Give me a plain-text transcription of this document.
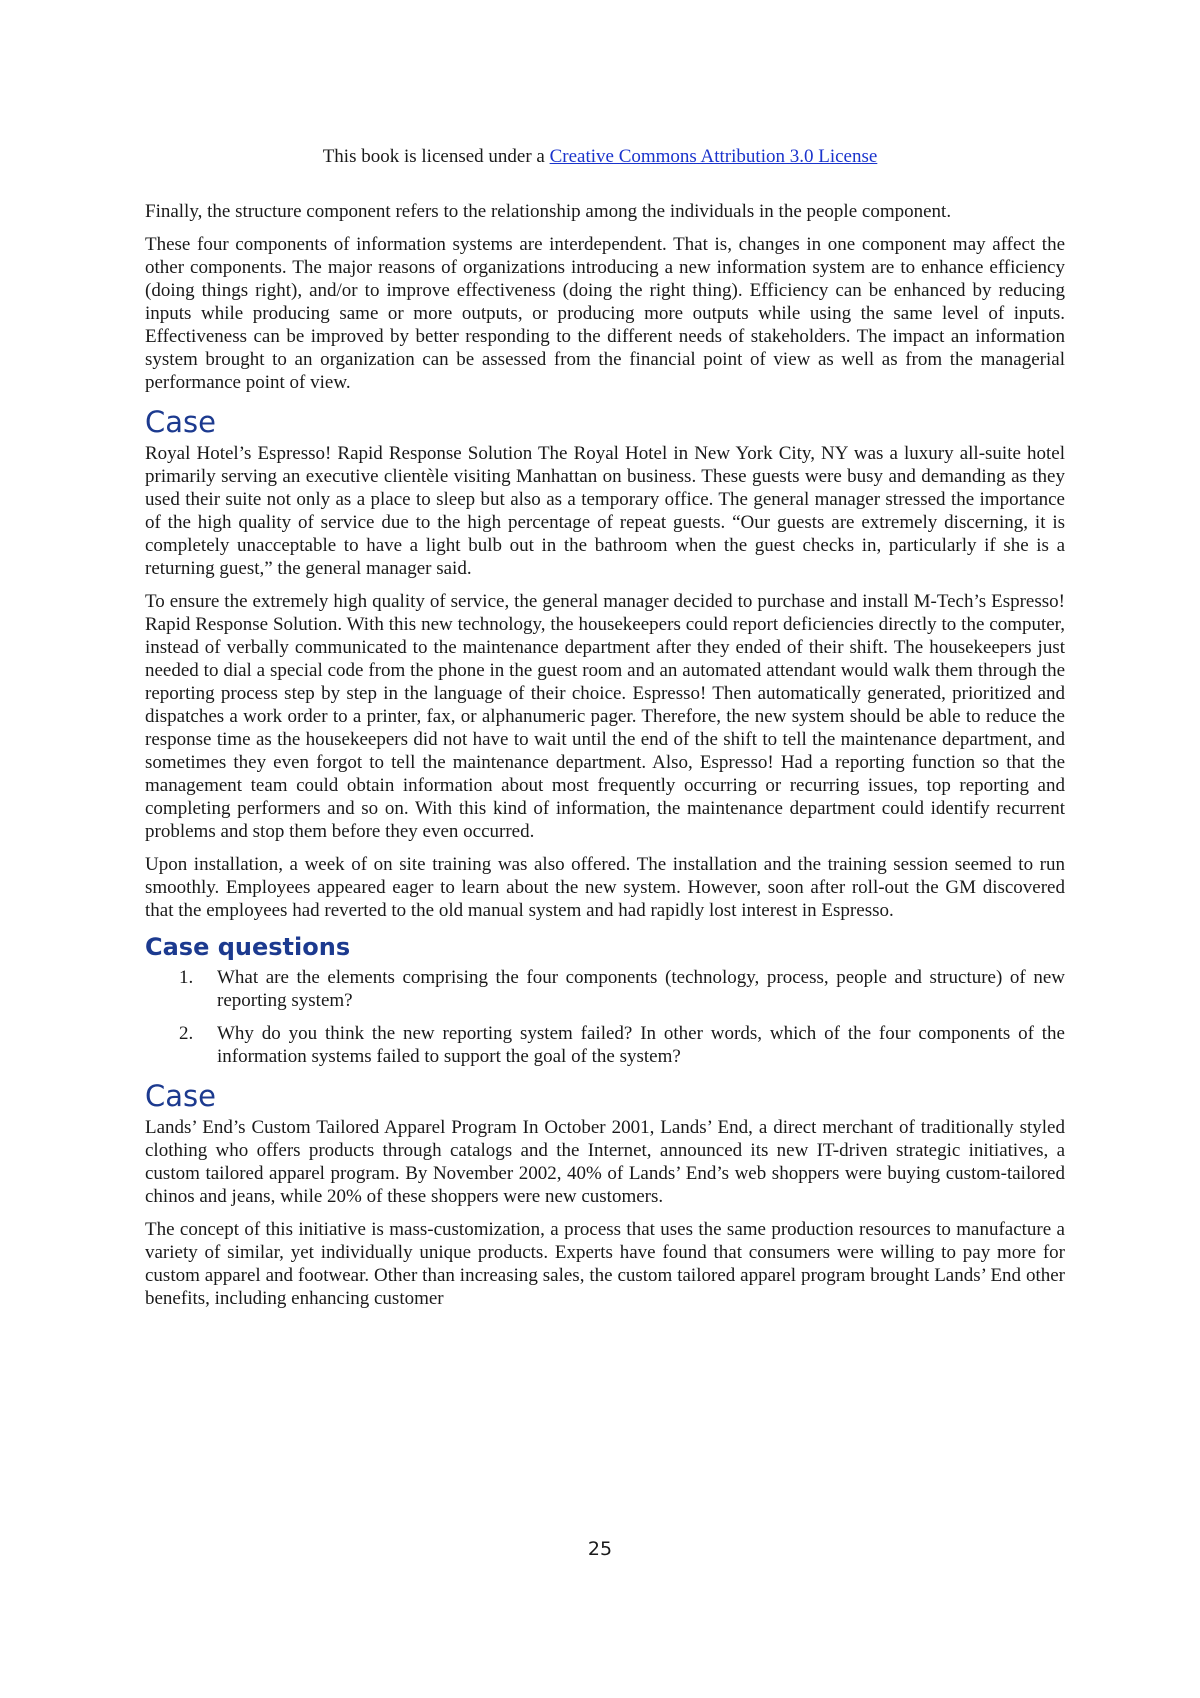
This book is licensed under a Creative Commons Attribution 3.0 License

Finally, the structure component refers to the relationship among the individuals in the people component.

These four components of information systems are interdependent. That is, changes in one component may affect the other components. The major reasons of organizations introducing a new information system are to enhance efficiency (doing things right), and/or to improve effectiveness (doing the right thing). Efficiency can be enhanced by reducing inputs while producing same or more outputs, or producing more outputs while using the same level of inputs. Effectiveness can be improved by better responding to the different needs of stakeholders. The impact an information system brought to an organization can be assessed from the financial point of view as well as from the managerial performance point of view.

Case

Royal Hotel’s Espresso! Rapid Response Solution The Royal Hotel in New York City, NY was a luxury all-suite hotel primarily serving an executive clientèle visiting Manhattan on business. These guests were busy and demanding as they used their suite not only as a place to sleep but also as a temporary office. The general manager stressed the importance of the high quality of service due to the high percentage of repeat guests. “Our guests are extremely discerning, it is completely unacceptable to have a light bulb out in the bathroom when the guest checks in, particularly if she is a returning guest,” the general manager said.

To ensure the extremely high quality of service, the general manager decided to purchase and install M-Tech’s Espresso! Rapid Response Solution. With this new technology, the housekeepers could report deficiencies directly to the computer, instead of verbally communicated to the maintenance department after they ended of their shift. The housekeepers just needed to dial a special code from the phone in the guest room and an automated attendant would walk them through the reporting process step by step in the language of their choice. Espresso! Then automatically generated, prioritized and dispatches a work order to a printer, fax, or alphanumeric pager. Therefore, the new system should be able to reduce the response time as the housekeepers did not have to wait until the end of the shift to tell the maintenance department, and sometimes they even forgot to tell the maintenance department. Also, Espresso! Had a reporting function so that the management team could obtain information about most frequently occurring or recurring issues, top reporting and completing performers and so on. With this kind of information, the maintenance department could identify recurrent problems and stop them before they even occurred.

Upon installation, a week of on site training was also offered. The installation and the training session seemed to run smoothly. Employees appeared eager to learn about the new system. However, soon after roll-out the GM discovered that the employees had reverted to the old manual system and had rapidly lost interest in Espresso.

Case questions
1. What are the elements comprising the four components (technology, process, people and structure) of new reporting system?
2. Why do you think the new reporting system failed? In other words, which of the four components of the information systems failed to support the goal of the system?
Case

Lands’ End’s Custom Tailored Apparel Program In October 2001, Lands’ End, a direct merchant of traditionally styled clothing who offers products through catalogs and the Internet, announced its new IT-driven strategic initiatives, a custom tailored apparel program. By November 2002, 40% of Lands’ End’s web shoppers were buying custom-tailored chinos and jeans, while 20% of these shoppers were new customers.

The concept of this initiative is mass-customization, a process that uses the same production resources to manufacture a variety of similar, yet individually unique products. Experts have found that consumers were willing to pay more for custom apparel and footwear. Other than increasing sales, the custom tailored apparel program brought Lands’ End other benefits, including enhancing customer

25
